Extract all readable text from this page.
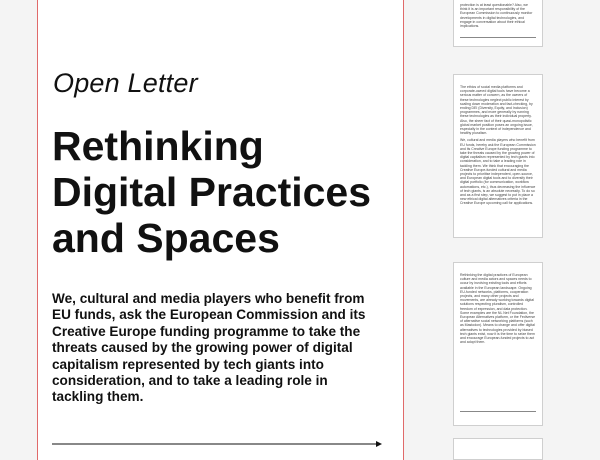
Open Letter
Rethinking Digital Practices and Spaces
We, cultural and media players who benefit from EU funds, ask the European Commission and its Creative Europe funding programme to take the threats caused by the growing power of digital capitalism represented by tech giants into consideration, and to take a leading role in tackling them.

protection is at least questionable? Also, we think it is an important responsibility of the European Commission to continuously monitor developments in digital technologies, and engage in conversation about their ethical implications.

The ethics of social media platforms and corporate-owned digital tools have become a serious matter of concern, as the owners of these technologies neglect public interest by scaling down moderation and fact-checking, by ending DEI (Diversity, Equity, and Inclusion) programmes, and more generally by running these technologies as their individual property. Also, the sheer fact of their quasi-monopolistic global market position poses an ongoing issue, especially in the context of independence and healthy pluralism.

We, cultural and media players who benefit from EU funds, hereby ask the European Commission and its Creative Europe funding programme to take the threats caused by the growing power of digital capitalism represented by tech giants into consideration, and to take a leading role in tackling them. We think that encouraging the Creative Europe-funded cultural and media projects to prioritise independent, open-source, and European digital tools and to diversify their digital portfolio (for communication, workflow automations, etc.), thus decreasing the influence of tech giants, is an absolute necessity. To do so and as a first step, we suggest to put in place a new ethical digital alternatives criteria in the Creative Europe upcoming call for applications.

Rethinking the digital practices of European culture and media actors and spaces needs to occur by involving existing tools and efforts available in the European landscape. Ongoing EU-funded networks, platforms, cooperation projects, and many other projects and movements, are already working towards digital solutions respecting pluralism, controlled freedom of expression, and data protection. Some examples are the NL Net Foundation, the European Alternatives platform, or the Fediverse of alternative social networking platforms (such as Mastodon). Means to change and offer digital alternatives to technologies provided by biased tech giants exist, now it is the time to seize them and encourage European-funded projects to act and adopt them.
